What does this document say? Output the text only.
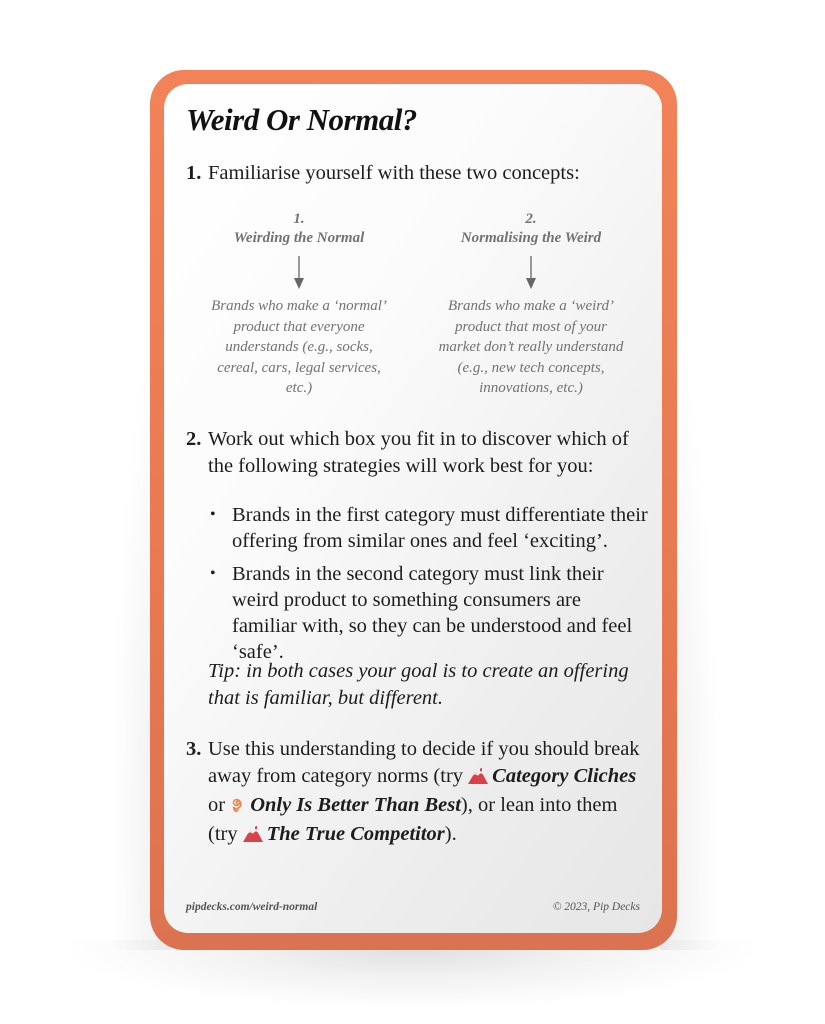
Weird Or Normal?
1. Familiarise yourself with these two concepts:
1.
Weirding the Normal
Brands who make a ‘normal’ product that everyone understands (e.g., socks, cereal, cars, legal services, etc.)
2.
Normalising the Weird
Brands who make a ‘weird’ product that most of your market don’t really understand (e.g., new tech concepts, innovations, etc.)
2. Work out which box you fit in to discover which of the following strategies will work best for you:
• Brands in the first category must differentiate their offering from similar ones and feel ‘exciting’.
• Brands in the second category must link their weird product to something consumers are familiar with, so they can be understood and feel ‘safe’.
Tip: in both cases your goal is to create an offering that is familiar, but different.
3. Use this understanding to decide if you should break away from category norms (try Category Cliches or Only Is Better Than Best), or lean into them (try The True Competitor).
pipdecks.com/weird-normal	© 2023, Pip Decks
